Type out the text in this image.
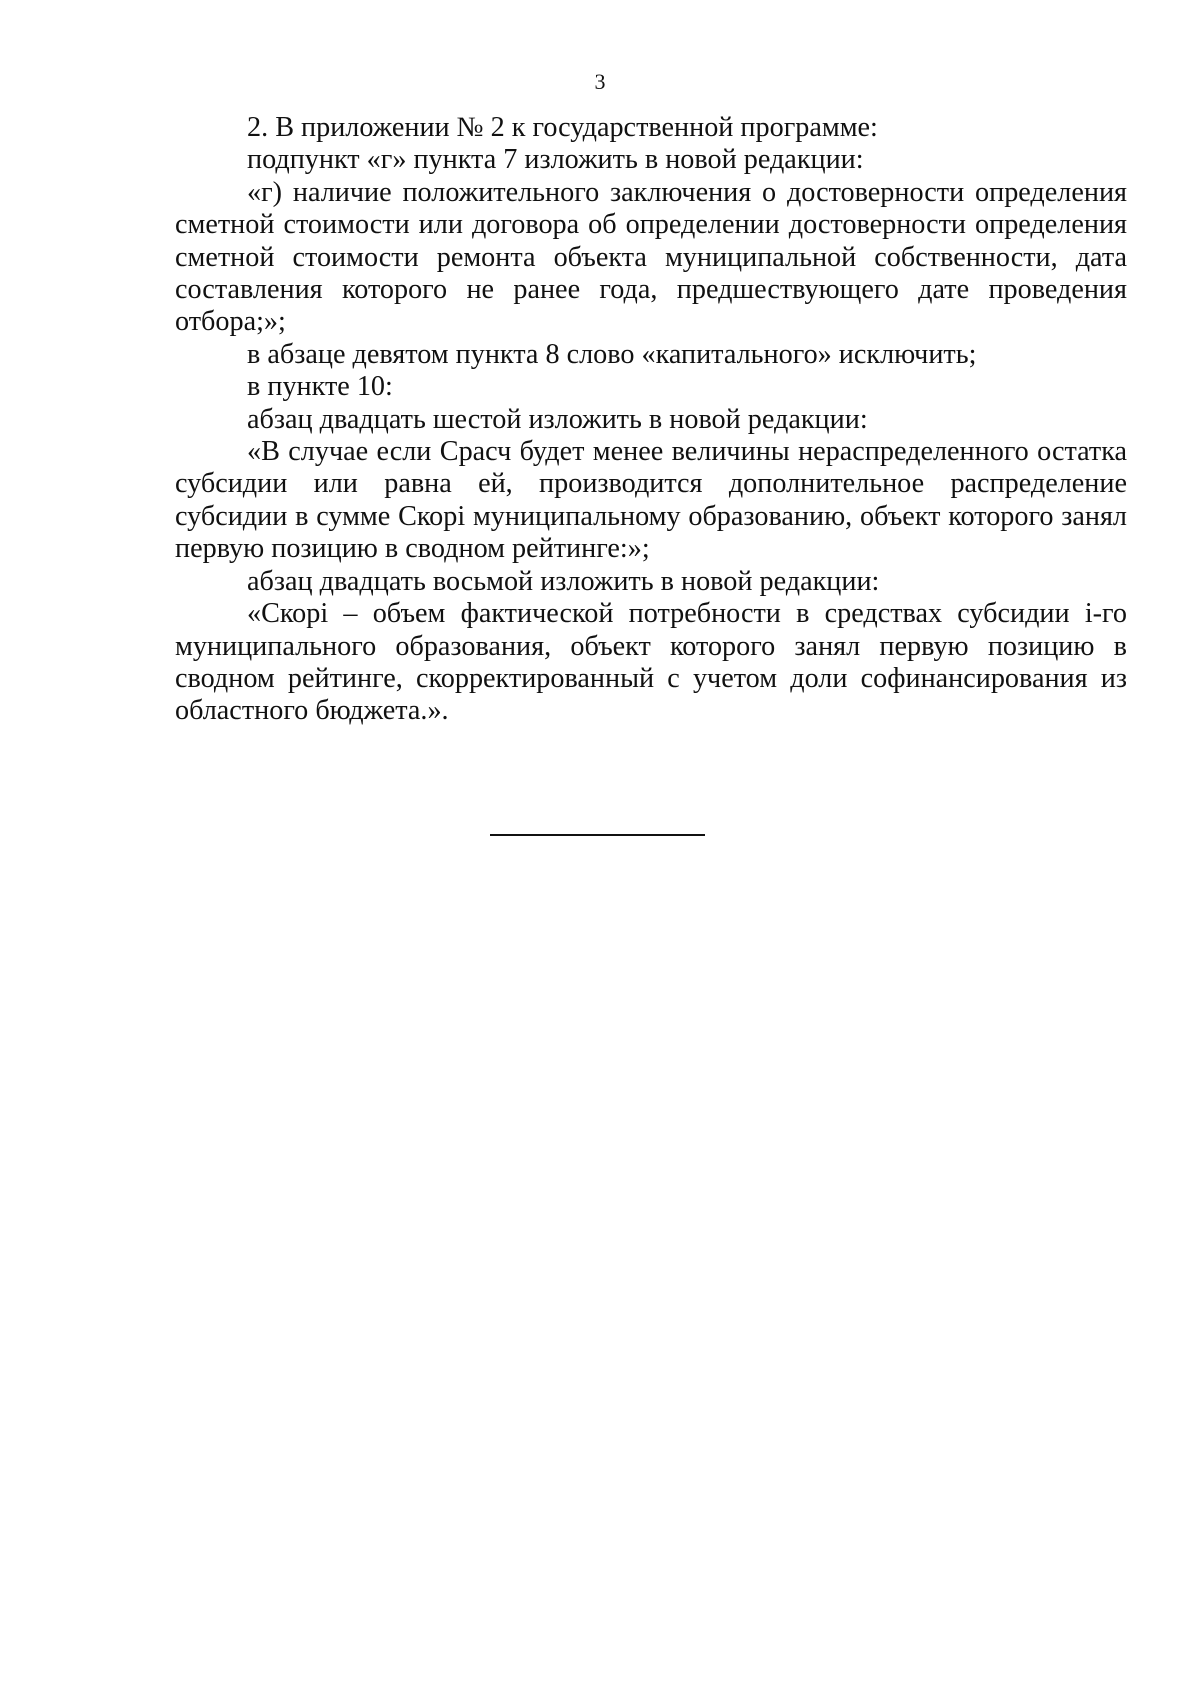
3

2. В приложении № 2 к государственной программе:

подпункт «г» пункта 7 изложить в новой редакции:

«г) наличие положительного заключения о достоверности определения сметной стоимости или договора об определении достоверности определения сметной стоимости ремонта объекта муниципальной собственности, дата составления которого не ранее года, предшествующего дате проведения отбора;»;

в абзаце девятом пункта 8 слово «капитального» исключить;

в пункте 10:

абзац двадцать шестой изложить в новой редакции:

«В случае если Срасч будет менее величины нераспределенного остатка субсидии или равна ей, производится дополнительное распределение субсидии в сумме Скорi муниципальному образованию, объект которого занял первую позицию в сводном рейтинге:»;

абзац двадцать восьмой изложить в новой редакции:

«Скорi – объем фактической потребности в средствах субсидии i-го муниципального образования, объект которого занял первую позицию в сводном рейтинге, скорректированный с учетом доли софинансирования из областного бюджета.».
